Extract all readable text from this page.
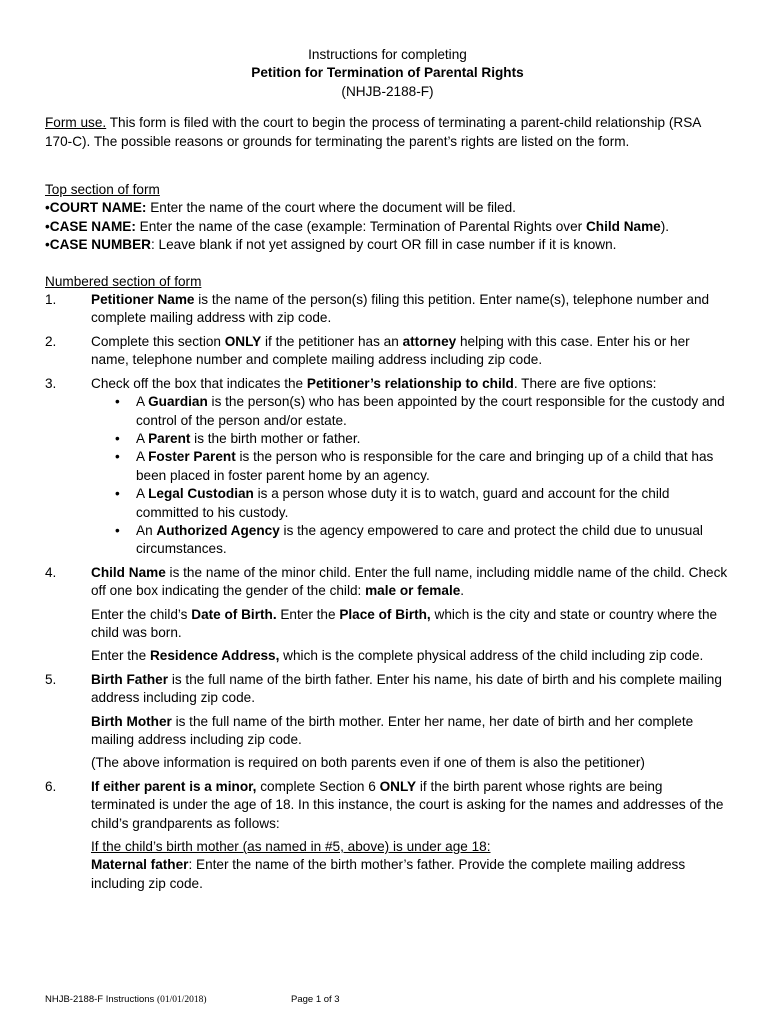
Instructions for completing
Petition for Termination of Parental Rights
(NHJB-2188-F)

Form use. This form is filed with the court to begin the process of terminating a parent-child relationship (RSA 170-C). The possible reasons or grounds for terminating the parent’s rights are listed on the form.

Top section of form

•COURT NAME: Enter the name of the court where the document will be filed.

•CASE NAME: Enter the name of the case (example: Termination of Parental Rights over Child Name).

•CASE NUMBER: Leave blank if not yet assigned by court OR fill in case number if it is known.

Numbered section of form

1.	Petitioner Name is the name of the person(s) filing this petition. Enter name(s), telephone number and complete mailing address with zip code.
2.	Complete this section ONLY if the petitioner has an attorney helping with this case. Enter his or her name, telephone number and complete mailing address including zip code.
3.	Check off the box that indicates the Petitioner’s relationship to child. There are five options:
• A Guardian is the person(s) who has been appointed by the court responsible for the custody and control of the person and/or estate.
• A Parent is the birth mother or father.
• A Foster Parent is the person who is responsible for the care and bringing up of a child that has been placed in foster parent home by an agency.
• A Legal Custodian is a person whose duty it is to watch, guard and account for the child committed to his custody.
• An Authorized Agency is the agency empowered to care and protect the child due to unusual circumstances.
4.	Child Name is the name of the minor child. Enter the full name, including middle name of the child. Check off one box indicating the gender of the child: male or female.
Enter the child’s Date of Birth. Enter the Place of Birth, which is the city and state or country where the child was born.
Enter the Residence Address, which is the complete physical address of the child including zip code.
5.	Birth Father is the full name of the birth father. Enter his name, his date of birth and his complete mailing address including zip code.
Birth Mother is the full name of the birth mother. Enter her name, her date of birth and her complete mailing address including zip code.
(The above information is required on both parents even if one of them is also the petitioner)
6.	If either parent is a minor, complete Section 6 ONLY if the birth parent whose rights are being terminated is under the age of 18. In this instance, the court is asking for the names and addresses of the child’s grandparents as follows:
If the child’s birth mother (as named in #5, above) is under age 18:
Maternal father: Enter the name of the birth mother’s father. Provide the complete mailing address including zip code.
NHJB-2188-F Instructions (01/01/2018)	Page 1 of 3
